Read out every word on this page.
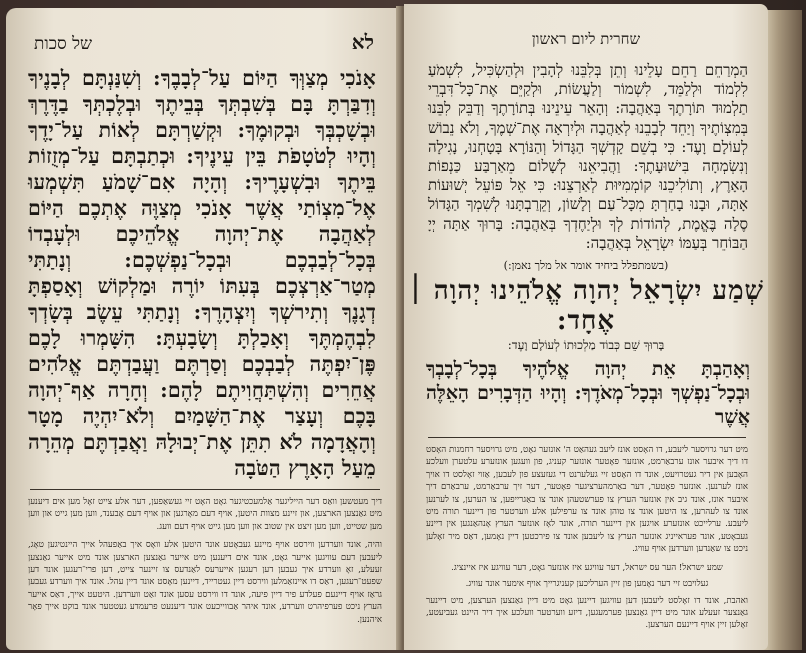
לא
של סכות
אָנֹכִי מְצַוְּךָ הַיּוֹם עַל־לְבָבֶךָ: וְשִׁנַּנְתָּם לְבָנֶיךָ וְדִבַּרְתָּ בָּם בְּשִׁבְתְּךָ בְּבֵיתֶךָ וּבְלֶכְתְּךָ בַדֶּרֶךְ וּבְשָׁכְבְּךָ וּבְקוּמֶךָ: וּקְשַׁרְתָּם לְאוֹת עַל־יָדֶךָ וְהָיוּ לְטֹטָפֹת בֵּין עֵינֶיךָ: וּכְתַבְתָּם עַל־מְזֻזוֹת בֵּיתֶךָ וּבִשְׁעָרֶיךָ: וְהָיָה אִם־שָׁמֹעַ תִּשְׁמְעוּ אֶל־מִצְוֹתַי אֲשֶׁר אָנֹכִי מְצַוֶּה אֶתְכֶם הַיּוֹם לְאַהֲבָה אֶת־יְהוָה אֱלֹהֵיכֶם וּלְעָבְדוֹ בְּכָל־לְבַבְכֶם וּבְכָל־נַפְשְׁכֶם: וְנָתַתִּי מְטַר־אַרְצְכֶם בְּעִתּוֹ יוֹרֶה וּמַלְקוֹשׁ וְאָסַפְתָּ דְגָנֶךָ וְתִירשְׁךָ וְיִצְהָרֶךָ: וְנָתַתִּי עֵשֶׂב בְּשָׂדְךָ לִבְהֶמְתֶּךָ וְאָכַלְתָּ וְשָׂבָעְתָּ: הִשָּׁמְרוּ לָכֶם פֶּן־יִפְתֶּה לְבַבְכֶם וְסַרְתֶּם וַעֲבַדְתֶּם אֱלֹהִים אֲחֵרִים וְהִשְׁתַּחֲוִיתֶם לָהֶם: וְחָרָה אַף־יְהוָה בָּכֶם וְעָצַר אֶת־הַשָּׁמַיִם וְלֹא־יִהְיֶה מָטָר וְהָאֲדָמָה לֹא תִתֵּן אֶת־יְבוּלָהּ וַאֲבַדְתֶּם מְהֵרָה מֵעַל הָאָרֶץ הַטֹּבָה

דיך מעטשען וואַס דער הייליגער אַלמעכטיגער גאָט האָט זיי געשאַפען, דער אלע צייט זאָל מען אים דיענען מיט גאַנצען הארצען, און זיינע מצוות היטען, אויף דעם מאָרגען און אויף דעם אָבענד, ווען מען גייט און ווען מען שטייט, ווען מען זיצט אין שטוב און ווען מען גייט אויף דעם וועג.

והיה, אונד ווערדען ווירסט אויף מיינע געבאָטע אונד היטען אלע וואָס איך באַפעהל אייך היינטיגען טאָג, ליעבען דעם עוויגען אייער גאָט, אונד אים דיענען מיט אייער גאַנצען הארצען אונד מיט אייער גאַנצען זעעלע, זאָ ווערדע איך געבען דען רעגען אייערעס לאַנדעס צו זיינער צייט, דען פרי־רעגען אונד דען שפעט־רעגען, דאַס דו איינזאַמלען ווירסט דיין געטרייד, דיינען מאָסט אונד דיין עהל. אונד איך ווערדע געבען גראַז אויף דיינעם פעלדע פיר דיין פיעה, אונד דו ווירסט עסען אונד זאַט ווערדען. היטעט אייך, דאַס אייער הערץ ניכט פערפיהרט ווערדע, אונד איהר אַבווייכעט אונד דיענעט פרעמדע געטטער אונד בוקט אייך פאָר איהנען.

שחרית ליום ראשון
הַמְרַחֵם רַחֵם עָלֵינוּ וְתֵן בְּלִבֵּנוּ לְהָבִין וּלְהַשְׂכִּיל, לִשְׁמֹעַ לִלְמוֹד וּלְלַמֵּד, לִשְׁמוֹר וְלַעֲשׂוֹת, וּלְקַיֵּם אֶת־כָּל־דִּבְרֵי תַלְמוּד תּוֹרָתֶךָ בְּאַהֲבָה: וְהָאֵר עֵינֵינוּ בְּתוֹרָתֶךָ וְדַבֵּק לִבֵּנוּ בְּמִצְוֹתֶיךָ וְיַחֵד לְבָבֵנוּ לְאַהֲבָה וּלְיִרְאָה אֶת־שְׁמֶךָ, וְלֹא נֵבוֹשׁ לְעוֹלָם וָעֶד: כִּי בְשֵׁם קָדְשְׁךָ הַגָּדוֹל וְהַנּוֹרָא בָּטָחְנוּ, נָגִילָה וְנִשְׂמְחָה בִּישׁוּעָתֶךָ: וַהֲבִיאֵנוּ לְשָׁלוֹם מֵאַרְבַּע כַּנְפוֹת הָאָרֶץ, וְתוֹלִיכֵנוּ קוֹמְמִיּוּת לְאַרְצֵנוּ: כִּי אֵל פּוֹעֵל יְשׁוּעוֹת אָתָּה, וּבָנוּ בָחַרְתָּ מִכָּל־עַם וְלָשׁוֹן, וְקֵרַבְתָּנוּ לְשִׁמְךָ הַגָּדוֹל סֶלָה בֶּאֱמֶת, לְהוֹדוֹת לְךָ וּלְיַחֶדְךָ בְּאַהֲבָה: בָּרוּךְ אַתָּה יְיָ הַבּוֹחֵר בְּעַמּוֹ יִשְׂרָאֵל בְּאַהֲבָה:
(בשמתפלל ביחיד אומר אל מלך נאמן:)
שְׁמַע יִשְׂרָאֵל יְהוָה אֱלֹהֵינוּ יְהוָה ׀ אֶחָד:
בָּרוּךְ שֵׁם כְּבוֹד מַלְכוּתוֹ לְעוֹלָם וָעֶד:
וְאָהַבְתָּ אֵת יְהוָה אֱלֹהֶיךָ בְּכָל־לְבָבְךָ וּבְכָל־נַפְשְׁךָ וּבְכָל־מְאֹדֶךָ: וְהָיוּ הַדְּבָרִים הָאֵלֶּה אֲשֶׁר

מיט דער גרויסער ליעבע, דו האָסט אונז ליעב געהאַט ה' אונזער גאָט, מיט גרויסער רחמנות האָסט דו דיך איבער אונז ערבאַרמט, אונזער פאָטער אונזער קעניג, פון וועגען אונזערע עלטערן וועלכע האָבען אין דיר געטרויעט, אונד דו האָסט זיי געלערנט די געזעצע פון לעבען, אַזוי זאָלסט דו אויך אונז לערנען. אונזער פאָטער, דער באַרמהערציגער פאָטער, דער זיך ערבאַרמט, ערבאַרם דיך איבער אונז, אונד גיב אין אונזער הערץ צו פערשטעהן אונד צו באַגרייפען, צו הערען, צו לערנען אונד צו לעהרען, צו היטען אונד צו טוהן אונד צו ערפילען אלע ווערטער פון דיינער תורה מיט ליעבע. ערלייכט אונזערע אויגען אין דיינער תורה, אונד לאָז אונזער הערץ אָנהאַנגען אין דיינע געבאָטע, אונד פעראייניג אונזער הערץ צו ליעבען אונד צו פירכטען דיין נאָמען, דאַס מיר זאָלען ניכט צו שאַנדען ווערדען אויף עוויג.

שמע ישראל! הער עס ישראל, דער עוויגע איז אונזער גאָט, דער עוויגע איז איינציג.

געלויבט זיי דער נאָמען פון זיין הערליכען קעניגרייך אויף אימער אונד עוויג.

ואהבת, אונד דו זאָלסט ליעבען דען עוויגען דיינען גאָט מיט דיין גאַנצען הערצען, מיט דיינער גאַנצער זעעלע אונד מיט דיין גאַנצען פערמעגען, דיזע ווערטער וועלכע איך דיר היינט געביעטע, זאָלען זיין אויף דיינעם הערצען.
